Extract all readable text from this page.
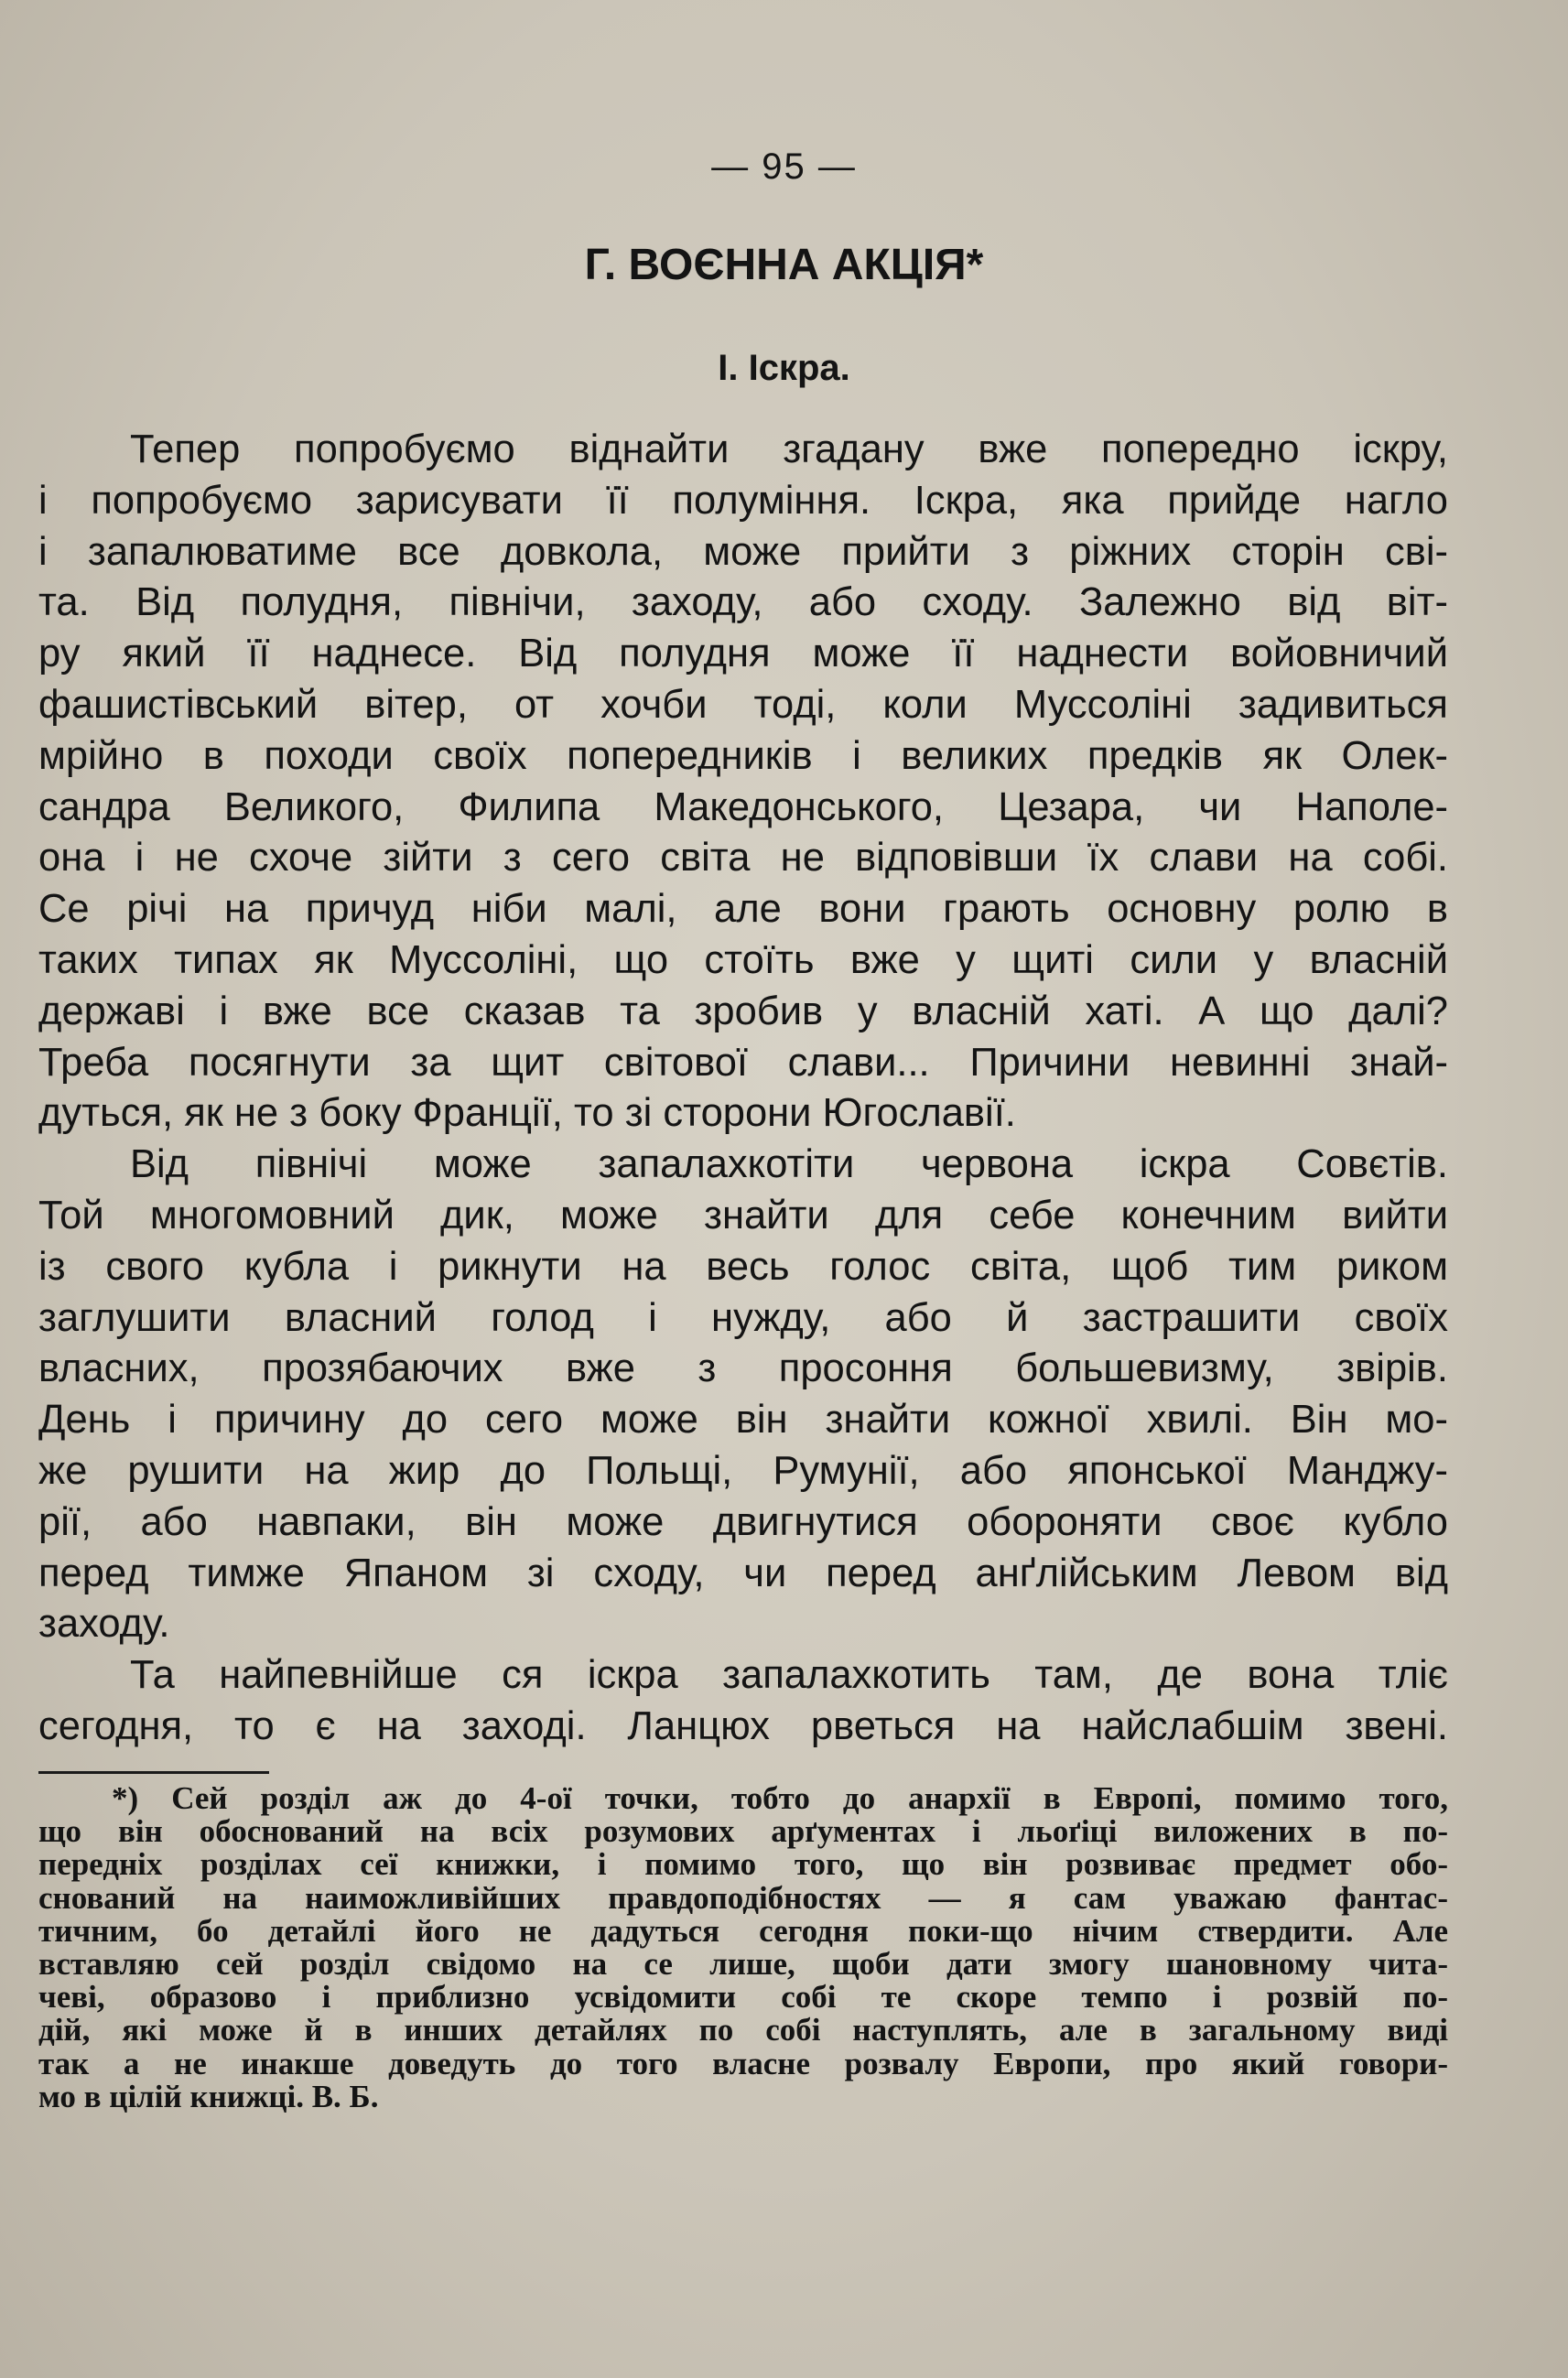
— 95 —
Г. ВОЄННА АКЦІЯ*
І. Іскра.
Тепер попробуємо віднайти згадану вже попередно іскру,
і попробуємо зарисувати її полуміння. Іскра, яка прийде нагло
і запалюватиме все довкола, може прийти з ріжних сторін сві-
та. Від полудня, північи, заходу, або сходу. Залежно від віт-
ру який її наднесе. Від полудня може її наднести войовничий
фашистівський вітер, от хочби тоді, коли Муссоліні задивиться
мрійно в походи своїх попередників і великих предків як Олек-
сандра Великого, Филипа Македонського, Цезара, чи Наполе-
она і не схоче зійти з сего світа не відповівши їх слави на собі.
Се річі на причуд ніби малі, але вони грають основну ролю в
таких типах як Муссоліні, що стоїть вже у щиті сили у власній
державі і вже все сказав та зробив у власній хаті. А що далі?
Треба посягнути за щит світової слави... Причини невинні знай-
дуться, як не з боку Франції, то зі сторони Югославії.
Від північі може запалахкотіти червона іскра Совєтів.
Той многомовний дик, може знайти для себе конечним вийти
із свого кубла і рикнути на весь голос світа, щоб тим риком
заглушити власний голод і нужду, або й застрашити своїх
власних, прозябаючих вже з просоння большевизму, звірів.
День і причину до сего може він знайти кожної хвилі. Він мо-
же рушити на жир до Польщі, Румунії, або японської Манджу-
рії, або навпаки, він може двигнутися обороняти своє кубло
перед тимже Япаном зі сходу, чи перед анґлійським Левом від
заходу.
Та найпевнійше ся іскра запалахкотить там, де вона тліє
сегодня, то є на заході. Ланцюх рветься на найслабшім звені.
*) Сей розділ аж до 4-ої точки, тобто до анархії в Европі, помимо того,
що він обоснований на всіх розумових арґументах і льоґіці виложених в по-
передніх розділах сеї книжки, і помимо того, що він розвиває предмет обо-
снований на наиможливійших правдоподібностях — я сам уважаю фантас-
тичним, бо детайлі його не дадуться сегодня поки-що нічим ствердити. Але
вставляю сей розділ свідомо на се лише, щоби дати змогу шановному чита-
чеві, образово і приблизно усвідомити собі те скоре темпо і розвій по-
дій, які може й в инших детайлях по собі наступлять, але в загальному виді
так а не инакше доведуть до того власне розвалу Европи, про який говори-
мо в цілій книжці. В. Б.
